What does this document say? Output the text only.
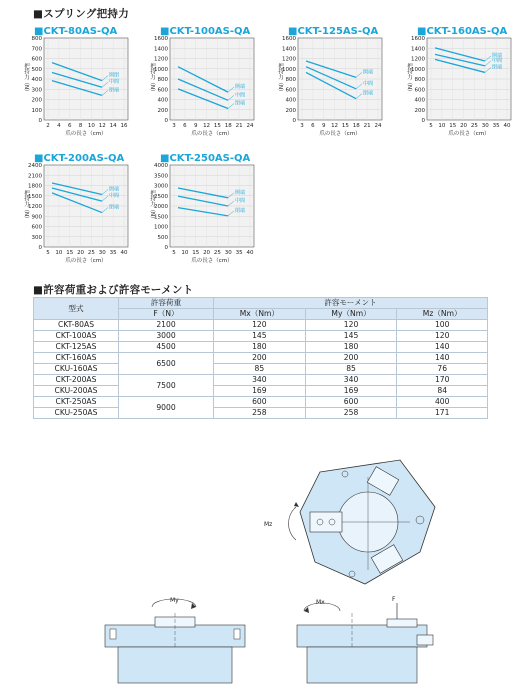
■スプリング把持力
■CKT-80AS-QA
800
700
600
500
400
300
200
100
0
2 4 6 8 10 12 14 16
把持力（N）
爪の長さ（cm）
開閉
中間
閉端
■CKT-100AS-QA
1600
1400
1200
1000
800
600
400
200
0
3 6 9 12 15 18 21 24
把持力（N）
爪の長さ（cm）
開端
中間
閉端
■CKT-125AS-QA
1600
1400
1200
1000
800
600
400
200
0
3 6 9 12 15 18 21 24
把持力（N）
爪の長さ（cm）
開端
中間
閉端
■CKT-160AS-QA
1600
1400
1200
1000
800
600
400
200
0
5 10 15 20 25 30 35 40
把持力（N）
爪の長さ（cm）
開端
中間
閉端
■CKT-200AS-QA
2400
2100
1800
1500
1200
900
600
300
0
5 10 15 20 25 30 35 40
把持力（N）
爪の長さ（cm）
開端
中間
閉端
■CKT-250AS-QA
4000
3500
3000
2500
2000
1500
1000
500
0
5 10 15 20 25 30 35 40
把持力（N）
爪の長さ（cm）
開端
中間
閉端
■許容荷重および許容モーメント
型式	許容荷重	許容モーメント		
	F（N）	Mx（Nm）	My（Nm）	Mz（Nm）
CKT-80AS	2100	120	120	100
CKT-100AS	3000	145	145	120
CKT-125AS	4500	180	180	140
CKT-160AS	6500	200	200	140
CKU-160AS		85	85	76
CKT-200AS	7500	340	340	170
CKU-200AS		169	169	84
CKT-250AS	9000	600	600	400
CKU-250AS		258	258	171
Mz
My	Mx	F
